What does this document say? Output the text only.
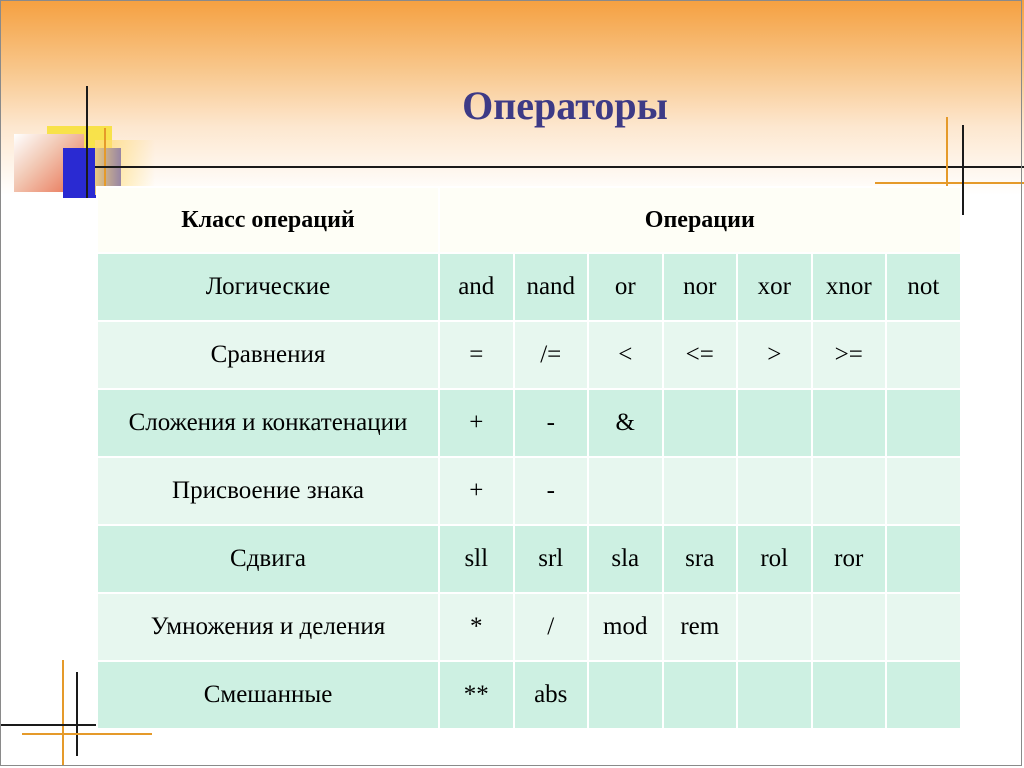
Операторы
Класс операций	Операции						
Логические	and	nand	or	nor	xor	xnor	not
Сравнения	=	/=	<	<=	>	>=	
Сложения и конкатенации	+	-	&				
Присвоение знака	+	-					
Сдвига	sll	srl	sla	sra	rol	ror	
Умножения и деления	*	/	mod	rem			
Смешанные	**	abs					
